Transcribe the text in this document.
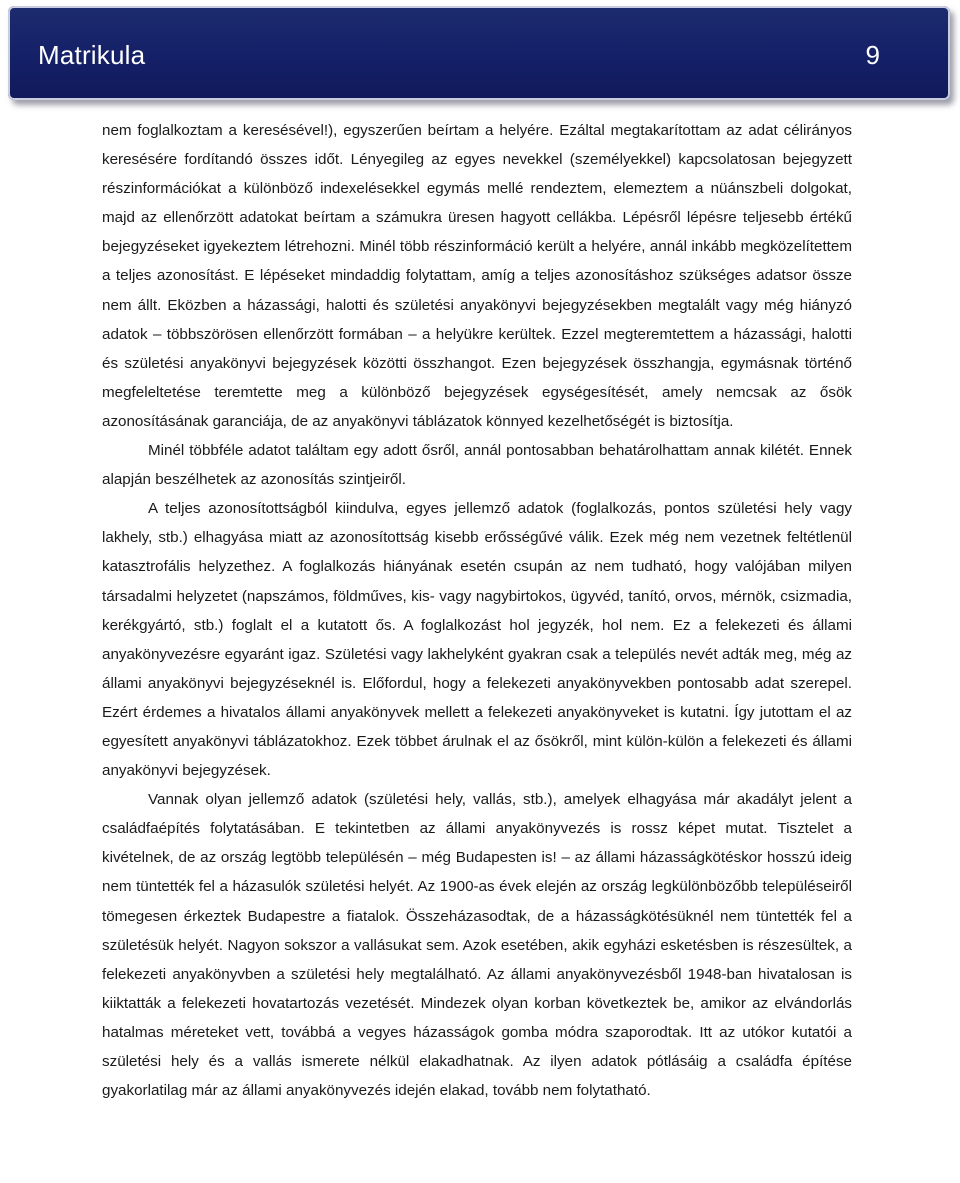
Matrikula	9

nem foglalkoztam a keresésével!), egyszerűen beírtam a helyére. Ezáltal megtakarítottam az adat célirányos keresésére fordítandó összes időt. Lényegileg az egyes nevekkel (személyekkel) kapcsolatosan bejegyzett részinformációkat a különböző indexelésekkel egymás mellé rendeztem, elemeztem a nüánszbeli dolgokat, majd az ellenőrzött adatokat beírtam a számukra üresen hagyott cellákba. Lépésről lépésre teljesebb értékű bejegyzéseket igyekeztem létrehozni. Minél több részinformáció került a helyére, annál inkább megközelítettem a teljes azonosítást. E lépéseket mindaddig folytattam, amíg a teljes azonosításhoz szükséges adatsor össze nem állt. Eközben a házassági, halotti és születési anyakönyvi bejegyzésekben megtalált vagy még hiányzó adatok – többszörösen ellenőrzött formában – a helyükre kerültek. Ezzel megteremtettem a házassági, halotti és születési anyakönyvi bejegyzések közötti összhangot. Ezen bejegyzések összhangja, egymásnak történő megfeleltetése teremtette meg a különböző bejegyzések egységesítését, amely nemcsak az ősök azonosításának garanciája, de az anyakönyvi táblázatok könnyed kezelhetőségét is biztosítja.

Minél többféle adatot találtam egy adott ősről, annál pontosabban behatárolhattam annak kilétét. Ennek alapján beszélhetek az azonosítás szintjeiről.

A teljes azonosítottságból kiindulva, egyes jellemző adatok (foglalkozás, pontos születési hely vagy lakhely, stb.) elhagyása miatt az azonosítottság kisebb erősségűvé válik. Ezek még nem vezetnek feltétlenül katasztrofális helyzethez. A foglalkozás hiányának esetén csupán az nem tudható, hogy valójában milyen társadalmi helyzetet (napszámos, földműves, kis- vagy nagybirtokos, ügyvéd, tanító, orvos, mérnök, csizmadia, kerékgyártó, stb.) foglalt el a kutatott ős. A foglalkozást hol jegyzék, hol nem. Ez a felekezeti és állami anyakönyvezésre egyaránt igaz. Születési vagy lakhelyként gyakran csak a település nevét adták meg, még az állami anyakönyvi bejegyzéseknél is. Előfordul, hogy a felekezeti anyakönyvekben pontosabb adat szerepel. Ezért érdemes a hivatalos állami anyakönyvek mellett a felekezeti anyakönyveket is kutatni. Így jutottam el az egyesített anyakönyvi táblázatokhoz. Ezek többet árulnak el az ősökről, mint külön-külön a felekezeti és állami anyakönyvi bejegyzések.

Vannak olyan jellemző adatok (születési hely, vallás, stb.), amelyek elhagyása már akadályt jelent a családfaépítés folytatásában. E tekintetben az állami anyakönyvezés is rossz képet mutat. Tisztelet a kivételnek, de az ország legtöbb településén – még Budapesten is! – az állami házasságkötéskor hosszú ideig nem tüntették fel a házasulók születési helyét. Az 1900-as évek elején az ország legkülönbözőbb településeiről tömegesen érkeztek Budapestre a fiatalok. Összeházasodtak, de a házasságkötésüknél nem tüntették fel a születésük helyét. Nagyon sokszor a vallásukat sem. Azok esetében, akik egyházi esketésben is részesültek, a felekezeti anyakönyvben a születési hely megtalálható. Az állami anyakönyvezésből 1948-ban hivatalosan is kiiktatták a felekezeti hovatartozás vezetését. Mindezek olyan korban következtek be, amikor az elvándorlás hatalmas méreteket vett, továbbá a vegyes házasságok gomba módra szaporodtak. Itt az utókor kutatói a születési hely és a vallás ismerete nélkül elakadhatnak. Az ilyen adatok pótlásáig a családfa építése gyakorlatilag már az állami anyakönyvezés idején elakad, tovább nem folytatható.
